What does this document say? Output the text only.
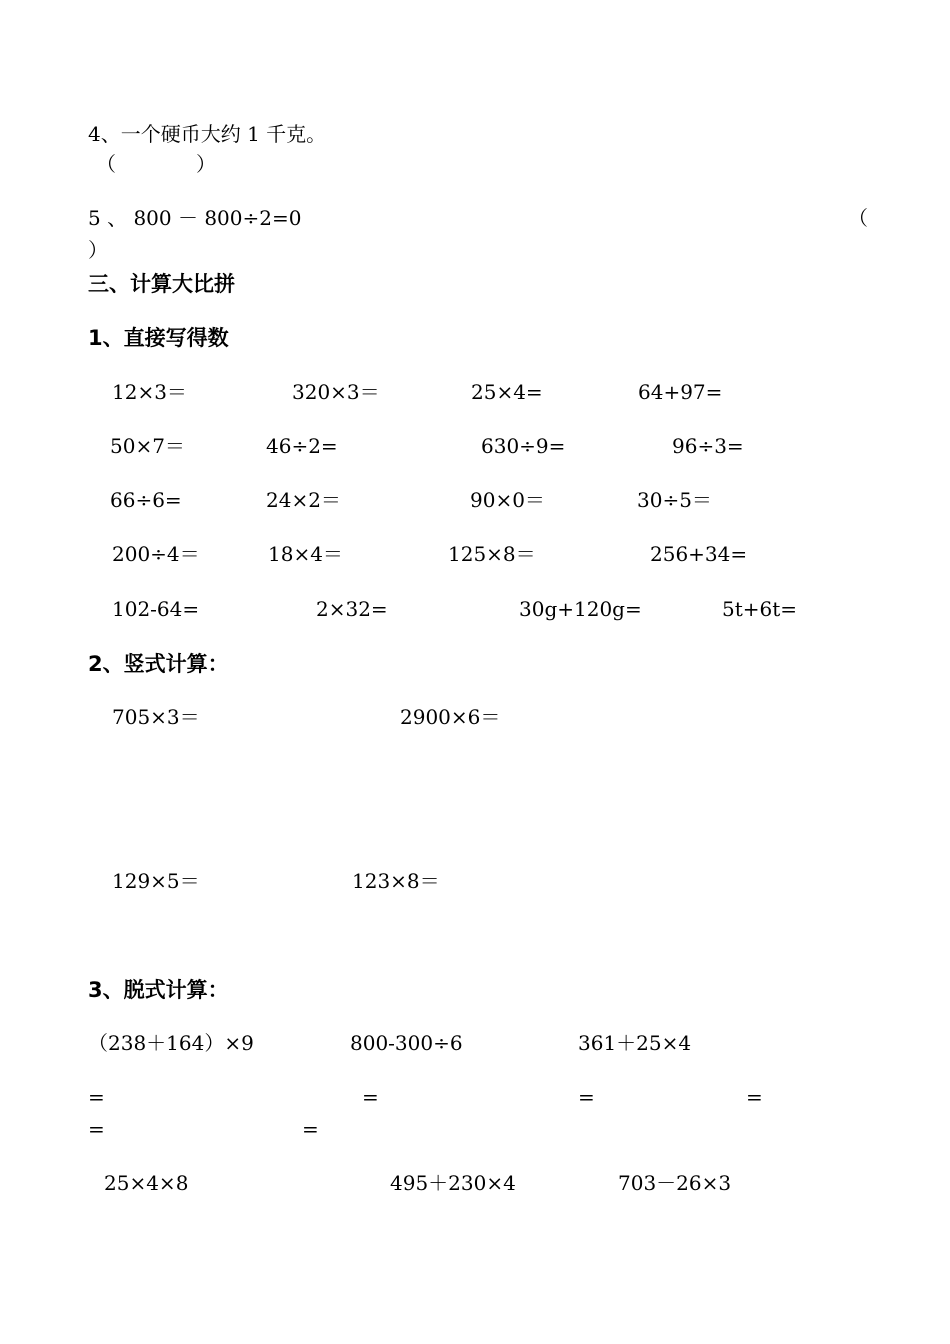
4、一个硬币大约 1 千克。
（　　　　）
5 、 800 － 800÷2=0	（
）
三、计算大比拼
1、直接写得数
12×3＝	320×3＝	25×4=	64+97=
50×7＝	46÷2=	630÷9=	96÷3=
66÷6=	24×2＝	90×0＝	30÷5＝
200÷4＝	18×4＝	125×8＝	256+34=
102-64=	2×32=	30g+120g=	5t+6t=
2、竖式计算：
705×3＝	2900×6＝
129×5＝	123×8＝
3、脱式计算：
（238＋164）×9	800-300÷6	361＋25×4
=	=	=	=
=	=
25×4×8	495＋230×4	703－26×3
